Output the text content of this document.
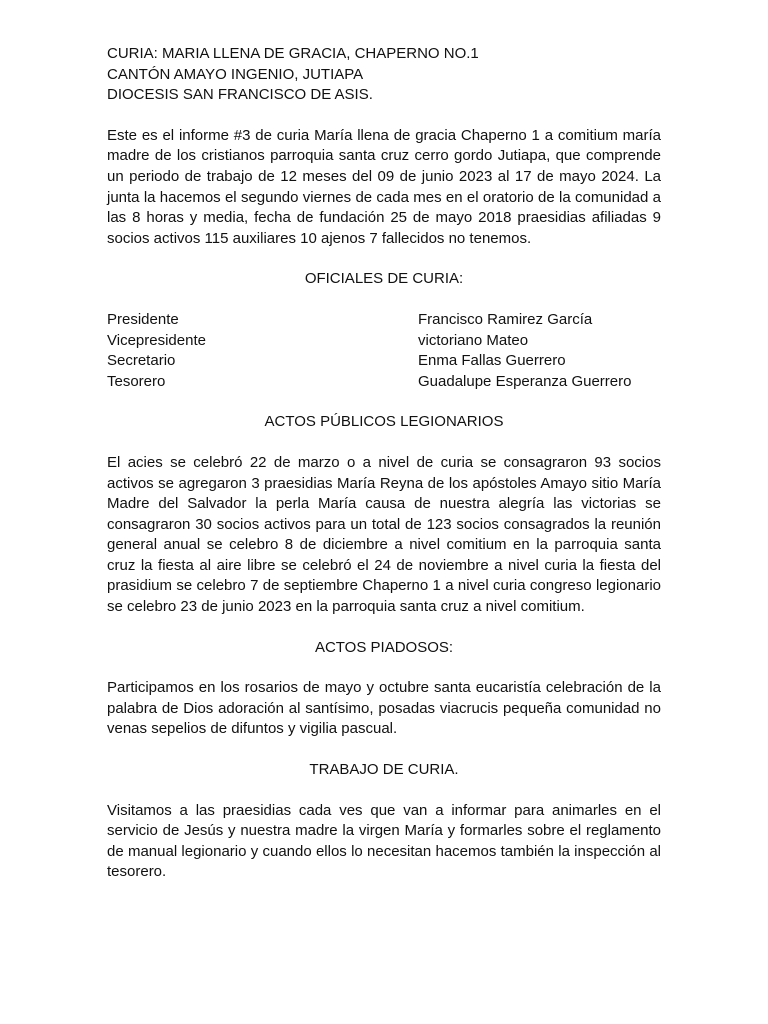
CURIA: MARIA LLENA DE GRACIA, CHAPERNO NO.1

CANTÓN AMAYO INGENIO, JUTIAPA

DIOCESIS SAN FRANCISCO DE ASIS.

Este es el informe #3 de curia María llena de gracia Chaperno 1 a comitium maría madre de los cristianos parroquia santa cruz cerro gordo Jutiapa, que comprende un periodo de trabajo de 12 meses del 09 de junio 2023 al 17 de mayo 2024. La junta la hacemos el segundo viernes de cada mes en el oratorio de la comunidad a las 8 horas y media, fecha de fundación 25 de mayo 2018 praesidias afiliadas 9 socios activos 115 auxiliares 10 ajenos 7 fallecidos no tenemos.

OFICIALES DE CURIA:

Presidente	Francisco Ramirez García
Vicepresidente	victoriano Mateo
Secretario	Enma Fallas Guerrero
Tesorero	Guadalupe Esperanza Guerrero

ACTOS PÚBLICOS LEGIONARIOS

El acies se celebró 22 de marzo o a nivel de curia se consagraron 93 socios activos se agregaron 3 praesidias María Reyna de los apóstoles Amayo sitio María Madre del Salvador la perla María causa de nuestra alegría las victorias se consagraron 30 socios activos para un total de 123 socios consagrados la reunión general anual se celebro 8 de diciembre a nivel comitium en la parroquia santa cruz la fiesta al aire libre se celebró el 24 de noviembre a nivel curia la fiesta del prasidium se celebro 7 de septiembre Chaperno 1 a nivel curia congreso legionario se celebro 23 de junio 2023 en la parroquia santa cruz a nivel comitium.

ACTOS PIADOSOS:

Participamos en los rosarios de mayo y octubre santa eucaristía celebración de la palabra de Dios adoración al santísimo, posadas viacrucis pequeña comunidad no venas sepelios de difuntos y vigilia pascual.

TRABAJO DE CURIA.

Visitamos a las praesidias cada ves que van a informar para animarles en el servicio de Jesús y nuestra madre la virgen María y formarles sobre el reglamento de manual legionario y cuando ellos lo necesitan hacemos también la inspección al tesorero.
